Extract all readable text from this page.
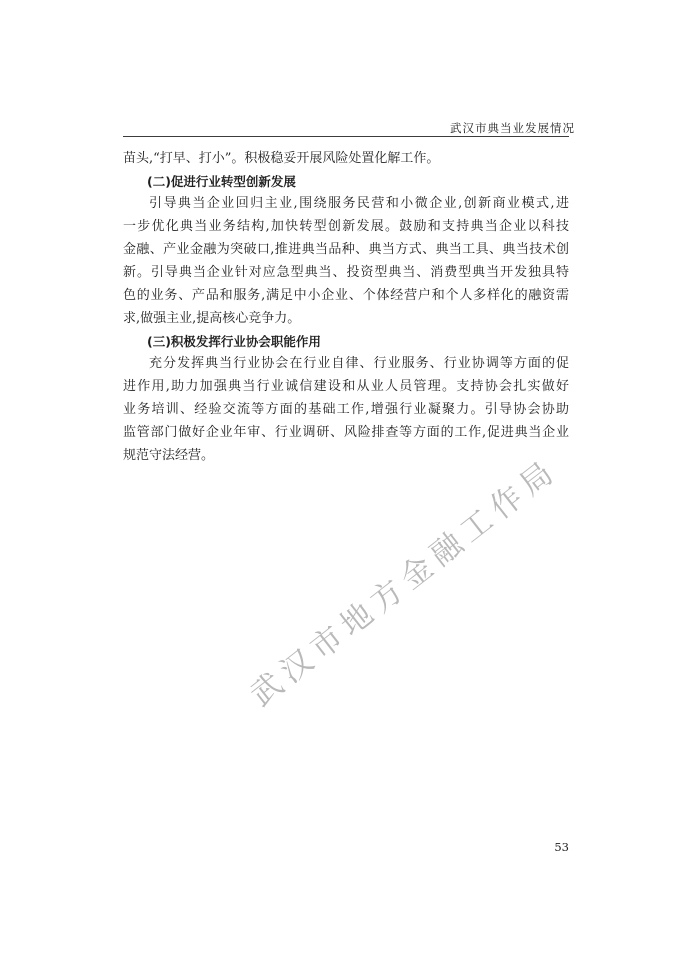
武汉市典当业发展情况
苗头,“打早、打小”。积极稳妥开展风险处置化解工作。
(二)促进行业转型创新发展
引导典当企业回归主业,围绕服务民营和小微企业,创新商业模式,进
一步优化典当业务结构,加快转型创新发展。鼓励和支持典当企业以科技
金融、产业金融为突破口,推进典当品种、典当方式、典当工具、典当技术创
新。引导典当企业针对应急型典当、投资型典当、消费型典当开发独具特
色的业务、产品和服务,满足中小企业、个体经营户和个人多样化的融资需
求,做强主业,提高核心竞争力。
(三)积极发挥行业协会职能作用
充分发挥典当行业协会在行业自律、行业服务、行业协调等方面的促
进作用,助力加强典当行业诚信建设和从业人员管理。支持协会扎实做好
业务培训、经验交流等方面的基础工作,增强行业凝聚力。引导协会协助
监管部门做好企业年审、行业调研、风险排查等方面的工作,促进典当企业
规范守法经营。 武汉市地方金融工作局
53
